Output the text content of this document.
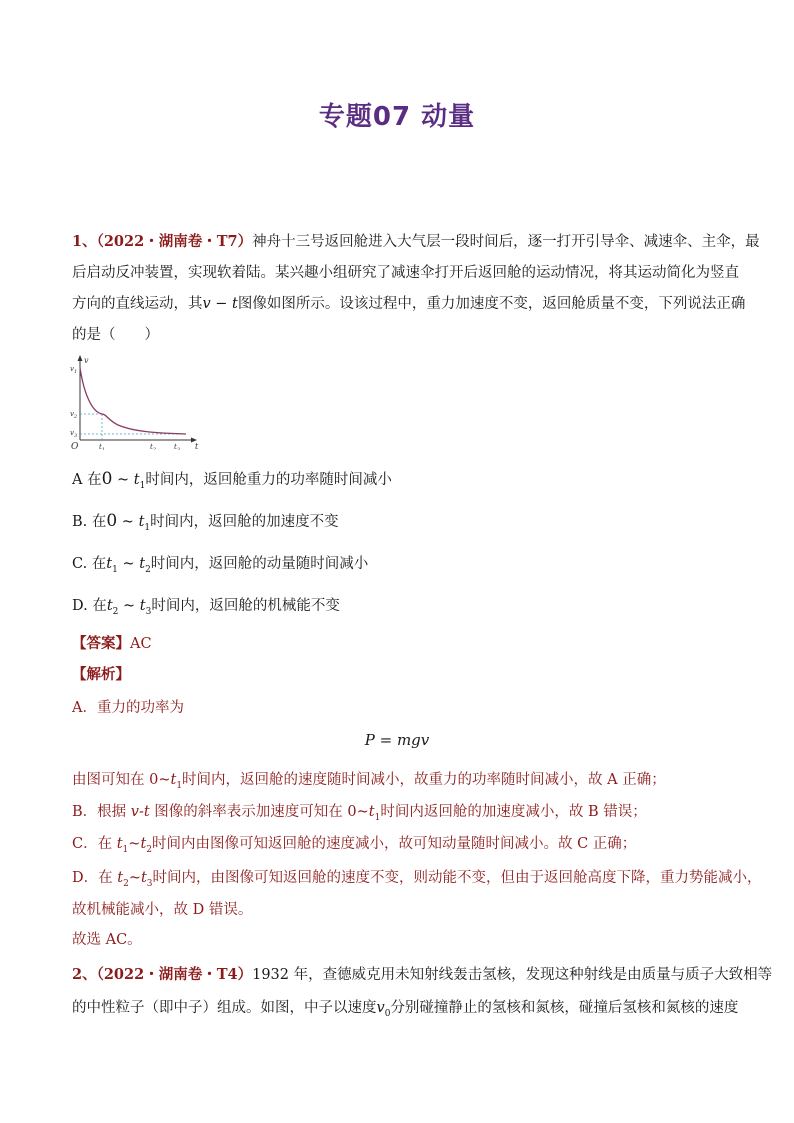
专题07 动量
1、（2022・湖南卷・T7）神舟十三号返回舱进入大气层一段时间后，逐一打开引导伞、减速伞、主伞，最
后启动反冲装置，实现软着陆。某兴趣小组研究了减速伞打开后返回舱的运动情况，将其运动简化为竖直
方向的直线运动，其v − t图像如图所示。设该过程中，重力加速度不变，返回舱质量不变，下列说法正确
的是（　　）
v
t
O
$v_1$
$v_2$
$v_3$
$t_1$	$t_2$	$t_3$
A 在0 ~ $t_1$时间内，返回舱重力的功率随时间减小
B. 在0 ~ $t_1$时间内，返回舱的加速度不变
C. 在$t_1$ ~ $t_2$时间内，返回舱的动量随时间减小
D. 在$t_2$ ~ $t_3$时间内，返回舱的机械能不变
【答案】AC
【解析】
A．重力的功率为
P = mgv
由图可知在 $0\sim t_1$时间内，返回舱的速度随时间减小，故重力的功率随时间减小，故 A 正确；
B．根据 v-t 图像的斜率表示加速度可知在 $0\sim t_1$时间内返回舱的加速度减小，故 B 错误；
C．在 $t_1\sim t_2$时间内由图像可知返回舱的速度减小，故可知动量随时间减小。故 C 正确；
D．在 $t_2\sim t_3$时间内，由图像可知返回舱的速度不变，则动能不变，但由于返回舱高度下降，重力势能减小，
故机械能减小，故 D 错误。
故选 AC。
2、（2022・湖南卷・T4）1932 年，查德威克用未知射线轰击氢核，发现这种射线是由质量与质子大致相等
的中性粒子（即中子）组成。如图，中子以速度$v_0$分别碰撞静止的氢核和氮核，碰撞后氢核和氮核的速度
